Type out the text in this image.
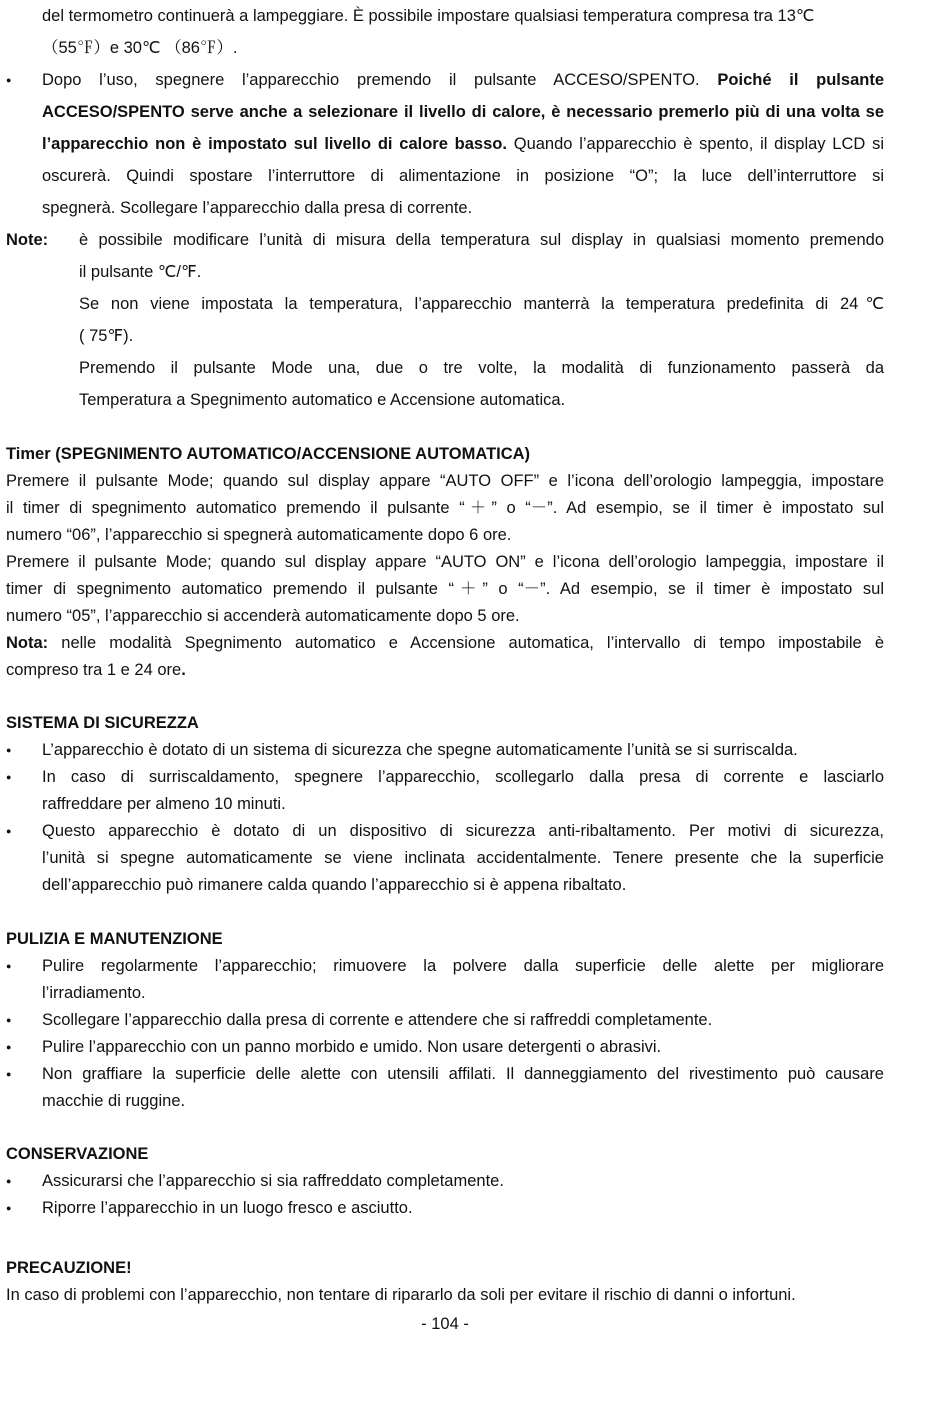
del termometro continuerà a lampeggiare. È possibile impostare qualsiasi temperatura compresa tra 13℃
（55℉）e 30℃ （86℉）.
●	Dopo l’uso, spegnere l’apparecchio premendo il pulsante ACCESO/SPENTO. Poiché il pulsante
ACCESO/SPENTO serve anche a selezionare il livello di calore, è necessario premerlo più di una volta se
l’apparecchio non è impostato sul livello di calore basso. Quando l’apparecchio è spento, il display LCD si
oscurerà. Quindi spostare l’interruttore di alimentazione in posizione “O”; la luce dell’interruttore si
spegnerà. Scollegare l’apparecchio dalla presa di corrente.
Note:	è possibile modificare l’unità di misura della temperatura sul display in qualsiasi momento premendo
il pulsante ℃/℉.
Se non viene impostata la temperatura, l’apparecchio manterrà la temperatura predefinita di 24℃
( 75℉).
Premendo il pulsante Mode una, due o tre volte, la modalità di funzionamento passerà da
Temperatura a Spegnimento automatico e Accensione automatica.
Timer (SPEGNIMENTO AUTOMATICO/ACCENSIONE AUTOMATICA)
Premere il pulsante Mode; quando sul display appare “AUTO OFF” e l’icona dell’orologio lampeggia, impostare
il timer di spegnimento automatico premendo il pulsante “＋” o “－”. Ad esempio, se il timer è impostato sul
numero “06”, l’apparecchio si spegnerà automaticamente dopo 6 ore.
Premere il pulsante Mode; quando sul display appare “AUTO ON” e l’icona dell’orologio lampeggia, impostare il
timer di spegnimento automatico premendo il pulsante “＋” o “－”. Ad esempio, se il timer è impostato sul
numero “05”, l’apparecchio si accenderà automaticamente dopo 5 ore.
Nota: nelle modalità Spegnimento automatico e Accensione automatica, l’intervallo di tempo impostabile è
compreso tra 1 e 24 ore.
SISTEMA DI SICUREZZA
●	L’apparecchio è dotato di un sistema di sicurezza che spegne automaticamente l’unità se si surriscalda.
●	In caso di surriscaldamento, spegnere l’apparecchio, scollegarlo dalla presa di corrente e lasciarlo
raffreddare per almeno 10 minuti.
●	Questo apparecchio è dotato di un dispositivo di sicurezza anti-ribaltamento. Per motivi di sicurezza,
l’unità si spegne automaticamente se viene inclinata accidentalmente. Tenere presente che la superficie
dell’apparecchio può rimanere calda quando l’apparecchio si è appena ribaltato.
PULIZIA E MANUTENZIONE
●	Pulire regolarmente l’apparecchio; rimuovere la polvere dalla superficie delle alette per migliorare
l’irradiamento.
●	Scollegare l’apparecchio dalla presa di corrente e attendere che si raffreddi completamente.
●	Pulire l’apparecchio con un panno morbido e umido. Non usare detergenti o abrasivi.
●	Non graffiare la superficie delle alette con utensili affilati. Il danneggiamento del rivestimento può causare
macchie di ruggine.
CONSERVAZIONE
●	Assicurarsi che l’apparecchio si sia raffreddato completamente.
●	Riporre l’apparecchio in un luogo fresco e asciutto.
PRECAUZIONE!
In caso di problemi con l’apparecchio, non tentare di ripararlo da soli per evitare il rischio di danni o infortuni.
- 104 -
